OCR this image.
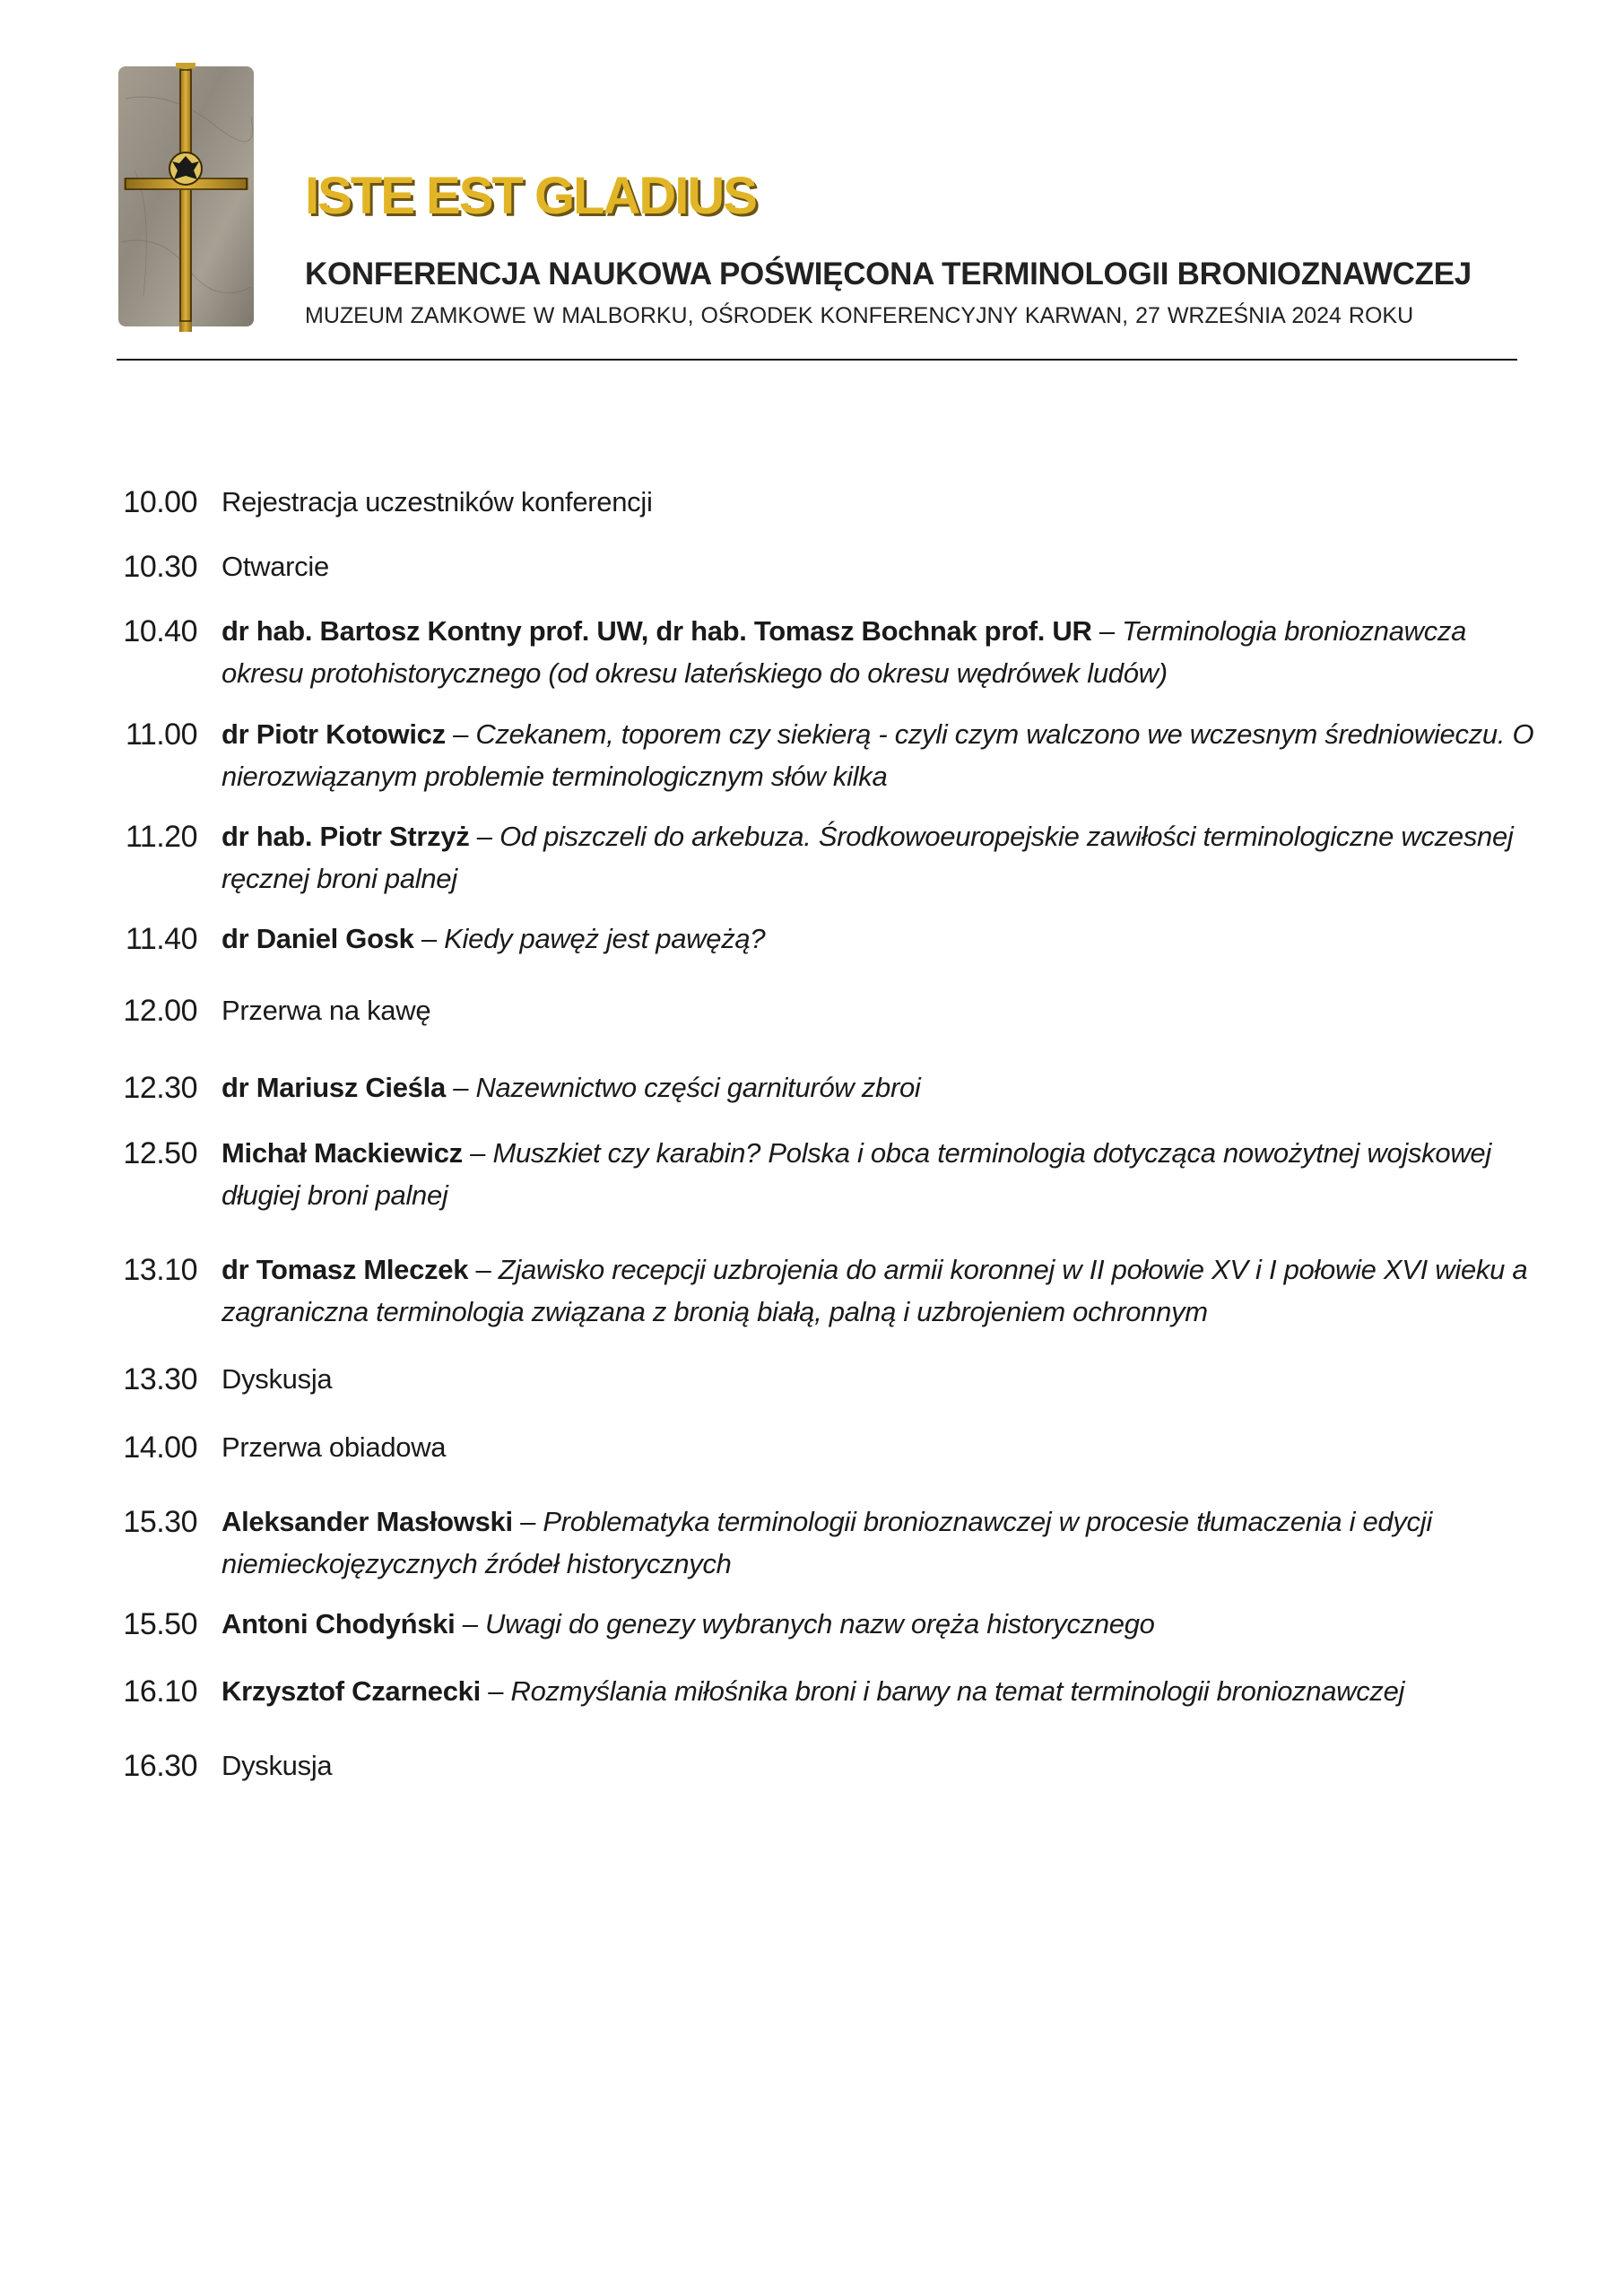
ISTE EST GLADIUS
KONFERENCJA NAUKOWA POŚWIĘCONA TERMINOLOGII BRONIOZNAWCZEJ
MUZEUM ZAMKOWE W MALBORKU, OŚRODEK KONFERENCYJNY KARWAN, 27 WRZEŚNIA 2024 ROKU
10.00 Rejestracja uczestników konferencji
10.30 Otwarcie
10.40 dr hab. Bartosz Kontny prof. UW, dr hab. Tomasz Bochnak prof. UR – Terminologia bronioznawcza okresu protohistorycznego (od okresu lateńskiego do okresu wędrówek ludów)
11.00 dr Piotr Kotowicz – Czekanem, toporem czy siekierą - czyli czym walczono we wczesnym średniowieczu. O nierozwiązanym problemie terminologicznym słów kilka
11.20 dr hab. Piotr Strzyż – Od piszczeli do arkebuza. Środkowoeuropejskie zawiłości terminologiczne wczesnej ręcznej broni palnej
11.40 dr Daniel Gosk – Kiedy pawęż jest pawężą?
12.00 Przerwa na kawę
12.30 dr Mariusz Cieśla – Nazewnictwo części garniturów zbroi
12.50 Michał Mackiewicz – Muszkiet czy karabin? Polska i obca terminologia dotycząca nowożytnej wojskowej długiej broni palnej
13.10 dr Tomasz Mleczek – Zjawisko recepcji uzbrojenia do armii koronnej w II połowie XV i I połowie XVI wieku a zagraniczna terminologia związana z bronią białą, palną i uzbrojeniem ochronnym
13.30 Dyskusja
14.00 Przerwa obiadowa
15.30 Aleksander Masłowski – Problematyka terminologii bronioznawczej w procesie tłumaczenia i edycji niemieckojęzycznych źródeł historycznych
15.50 Antoni Chodyński – Uwagi do genezy wybranych nazw oręża historycznego
16.10 Krzysztof Czarnecki – Rozmyślania miłośnika broni i barwy na temat terminologii bronioznawczej
16.30 Dyskusja
